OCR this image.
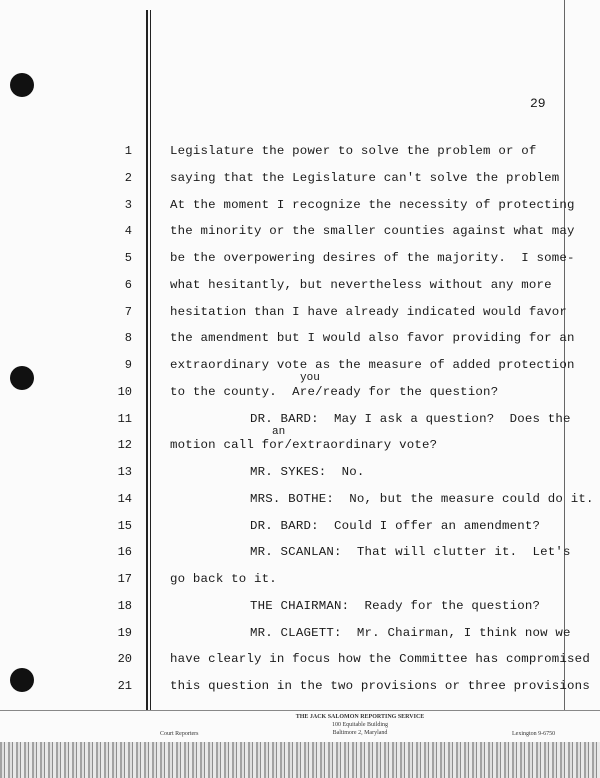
29
1	Legislature the power to solve the problem or of
2	saying that the Legislature can't solve the problem
3	At the moment I recognize the necessity of protecting
4	the minority or the smaller counties against what may
5	be the overpowering desires of the majority.  I some-
6	what hesitantly, but nevertheless without any more
7	hesitation than I have already indicated would favor
8	the amendment but I would also favor providing for an
9	extraordinary vote as the measure of added protection
10	to the county.  Are/ready for the question?
11	DR. BARD:  May I ask a question?  Does the
12	motion call for/extraordinary vote?
13	MR. SYKES:  No.
14	MRS. BOTHE:  No, but the measure could do it.
15	DR. BARD:  Could I offer an amendment?
16	MR. SCANLAN:  That will clutter it.  Let's
17	go back to it.
18	THE CHAIRMAN:  Ready for the question?
19	MR. CLAGETT:  Mr. Chairman, I think now we
20	have clearly in focus how the Committee has compromised
21	this question in the two provisions or three provisions
you
an
Court Reporters
THE JACK SALOMON REPORTING SERVICE
100 Equitable Building
Baltimore 2, Maryland	Lexington 9-6750
